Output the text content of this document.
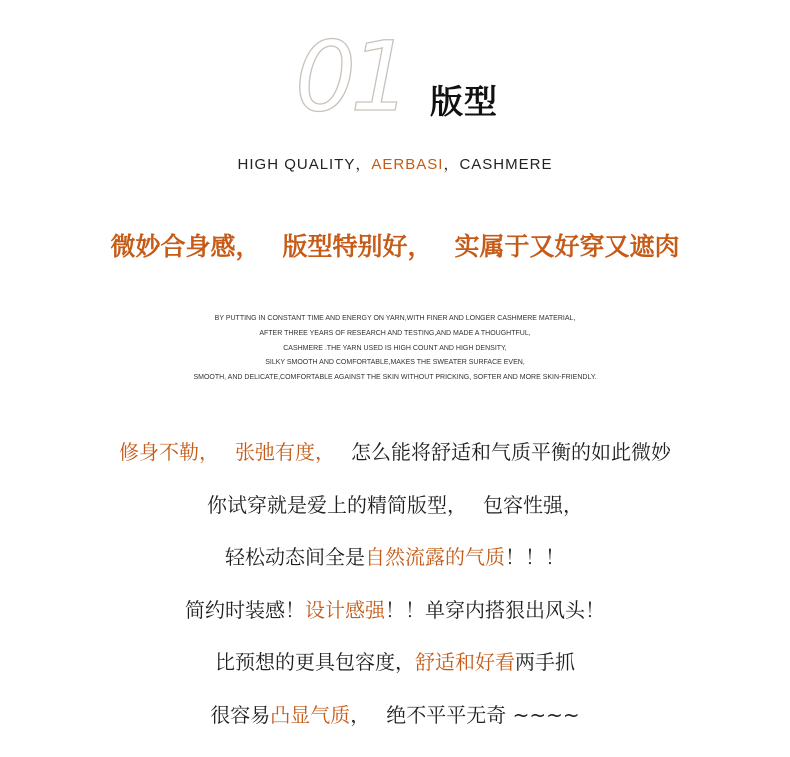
01 版型
HIGH QUALITY，AERBASI，CASHMERE
微妙合身感， 版型特别好， 实属于又好穿又遮肉
BY PUTTING IN CONSTANT TIME AND ENERGY ON YARN,WITH FINER AND LONGER CASHMERE MATERIAL,
AFTER THREE YEARS OF RESEARCH AND TESTING,AND MADE A THOUGHTFUL,
CASHMERE .THE YARN USED IS HIGH COUNT AND HIGH DENSITY,
SILKY SMOOTH AND COMFORTABLE,MAKES THE SWEATER SURFACE EVEN,
SMOOTH, AND DELICATE,COMFORTABLE AGAINST THE SKIN WITHOUT PRICKING, SOFTER AND MORE SKIN-FRIENDLY.
修身不勒， 张弛有度， 怎么能将舒适和气质平衡的如此微妙
你试穿就是爱上的精简版型， 包容性强，
轻松动态间全是自然流露的气质！！！
简约时装感！设计感强！！单穿内搭狠出风头！
比预想的更具包容度，舒适和好看两手抓
很容易凸显气质， 绝不平平无奇 ~~~~
